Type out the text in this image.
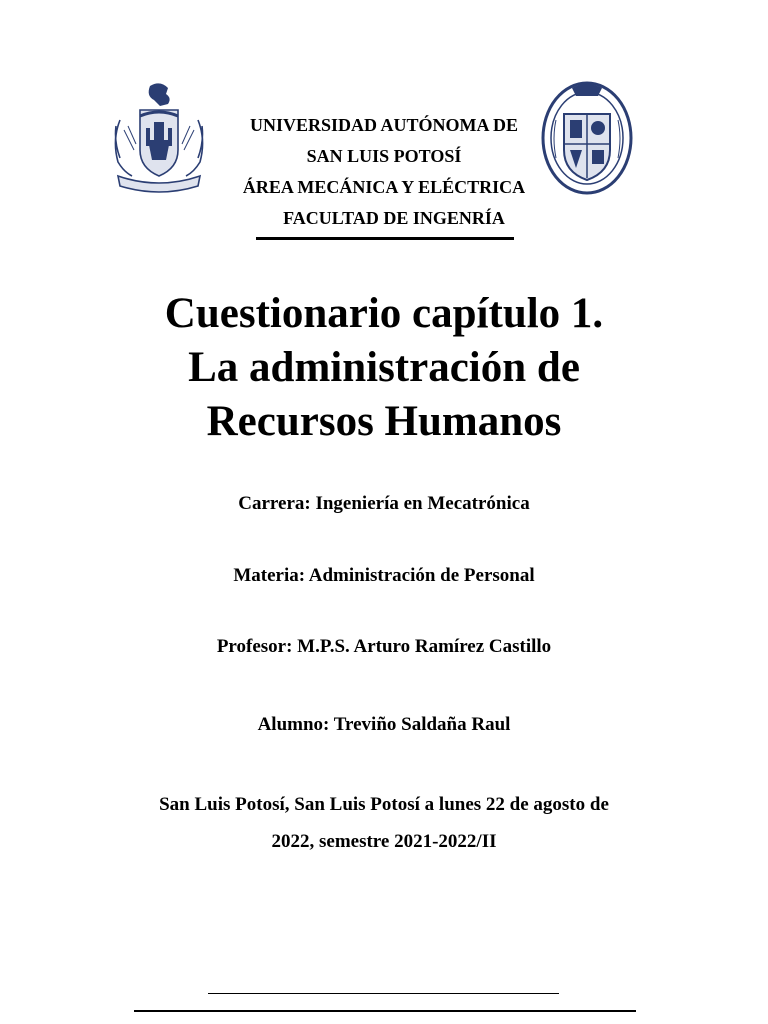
UNIVERSIDAD AUTÓNOMA DE
SAN LUIS POTOSÍ
ÁREA MECÁNICA Y ELÉCTRICA
FACULTAD DE INGENRÍA
Cuestionario capítulo 1.
La administración de
Recursos Humanos
Carrera: Ingeniería en Mecatrónica
Materia: Administración de Personal
Profesor: M.P.S. Arturo Ramírez Castillo
Alumno: Treviño Saldaña Raul
San Luis Potosí, San Luis Potosí a lunes 22 de agosto de
2022, semestre 2021-2022/II
